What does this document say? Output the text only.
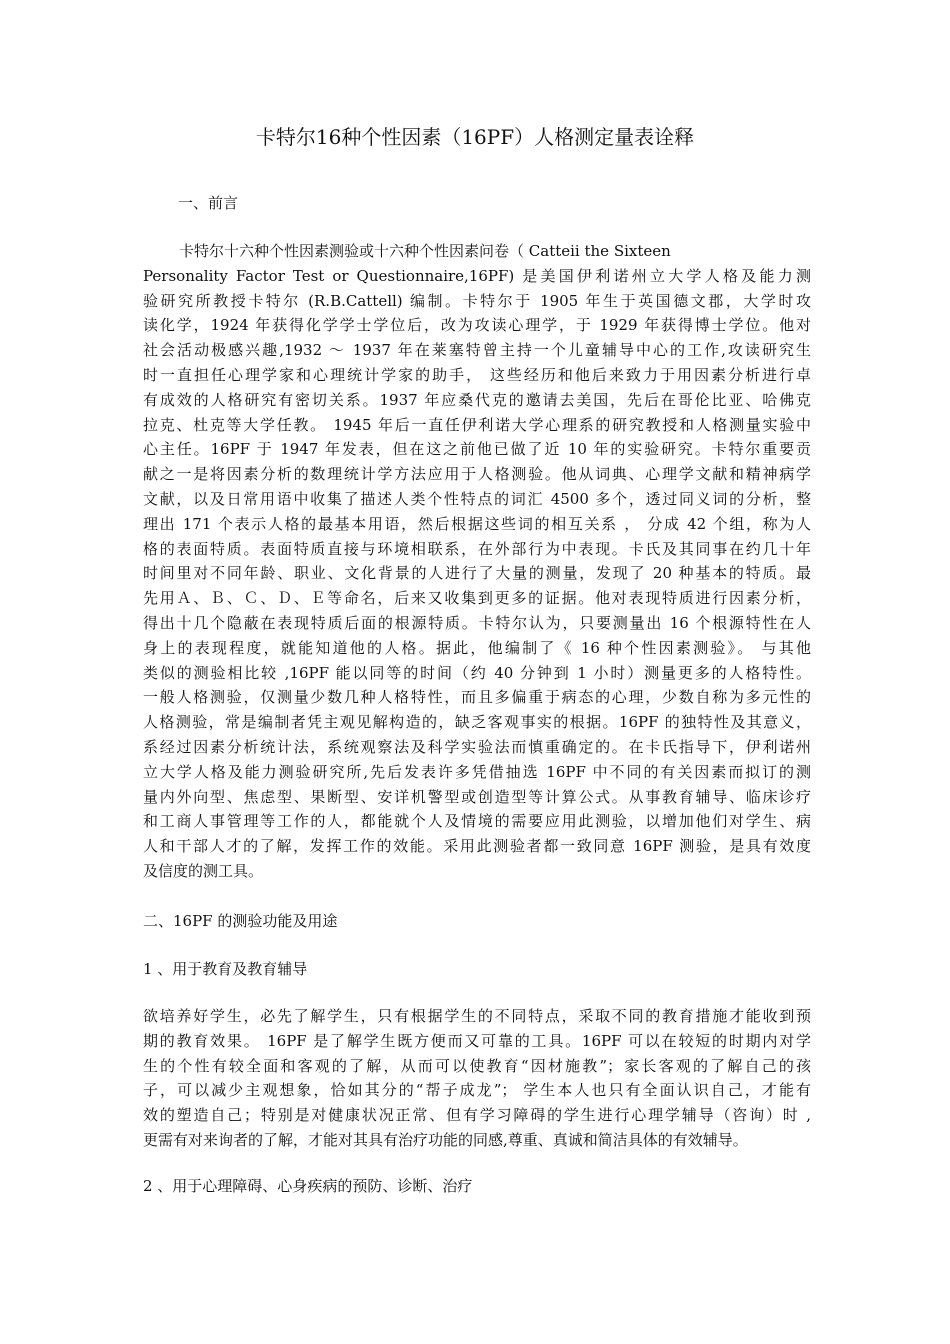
卡特尔16种个性因素（16PF）人格测定量表诠释
一、前言
卡特尔十六种个性因素测验或十六种个性因素问卷（ Catteii the Sixteen
Personality Factor Test or Questionnaire,16PF) 是美国伊利诺州立大学人格及能力测
验研究所教授卡特尔 (R.B.Cattell) 编制。卡特尔于 1905 年生于英国德文郡，大学时攻
读化学，1924 年获得化学学士学位后，改为攻读心理学，于 1929 年获得博士学位。他对
社会活动极感兴趣,1932 ～ 1937 年在莱塞特曾主持一个儿童辅导中心的工作,攻读研究生
时一直担任心理学家和心理统计学家的助手， 这些经历和他后来致力于用因素分析进行卓
有成效的人格研究有密切关系。1937 年应桑代克的邀请去美国，先后在哥伦比亚、哈佛克
拉克、杜克等大学任教。 1945 年后一直任伊利诺大学心理系的研究教授和人格测量实验中
心主任。16PF 于 1947 年发表，但在这之前他已做了近 10 年的实验研究。卡特尔重要贡
献之一是将因素分析的数理统计学方法应用于人格测验。他从词典、心理学文献和精神病学
文献，以及日常用语中收集了描述人类个性特点的词汇 4500 多个，透过同义词的分析，整
理出 171 个表示人格的最基本用语，然后根据这些词的相互关系 ， 分成 42 个组，称为人
格的表面特质。表面特质直接与环境相联系，在外部行为中表现。卡氏及其同事在约几十年
时间里对不同年龄、职业、文化背景的人进行了大量的测量，发现了 20 种基本的特质。最
先用Ａ、Ｂ、Ｃ、Ｄ、Ｅ等命名，后来又收集到更多的证据。他对表现特质进行因素分析，
得出十几个隐蔽在表现特质后面的根源特质。卡特尔认为，只要测量出 16 个根源特性在人
身上的表现程度，就能知道他的人格。据此，他编制了《 16 种个性因素测验》。 与其他
类似的测验相比较 ,16PF 能以同等的时间（约 40 分钟到 1 小时）测量更多的人格特性。
一般人格测验，仅测量少数几种人格特性，而且多偏重于病态的心理，少数自称为多元性的
人格测验，常是编制者凭主观见解构造的，缺乏客观事实的根据。16PF 的独特性及其意义，
系经过因素分析统计法，系统观察法及科学实验法而慎重确定的。在卡氏指导下，伊利诺州
立大学人格及能力测验研究所,先后发表许多凭借抽选 16PF 中不同的有关因素而拟订的测
量内外向型、焦虑型、果断型、安详机警型或创造型等计算公式。从事教育辅导、临床诊疗
和工商人事管理等工作的人，都能就个人及情境的需要应用此测验，以增加他们对学生、病
人和干部人才的了解，发挥工作的效能。采用此测验者都一致同意 16PF 测验，是具有效度
及信度的测工具。
二、16PF 的测验功能及用途
1 、用于教育及教育辅导
欲培养好学生，必先了解学生，只有根据学生的不同特点，采取不同的教育措施才能收到预
期的教育效果。 16PF 是了解学生既方便而又可靠的工具。16PF 可以在较短的时期内对学
生的个性有较全面和客观的了解，从而可以使教育“因材施教”；家长客观的了解自己的孩
子，可以减少主观想象，恰如其分的“帮子成龙”； 学生本人也只有全面认识自己，才能有
效的塑造自己；特别是对健康状况正常、但有学习障碍的学生进行心理学辅导（咨询）时 ,
更需有对来询者的了解，才能对其具有治疗功能的同感,尊重、真诚和简洁具体的有效辅导。
2 、用于心理障碍、心身疾病的预防、诊断、治疗
